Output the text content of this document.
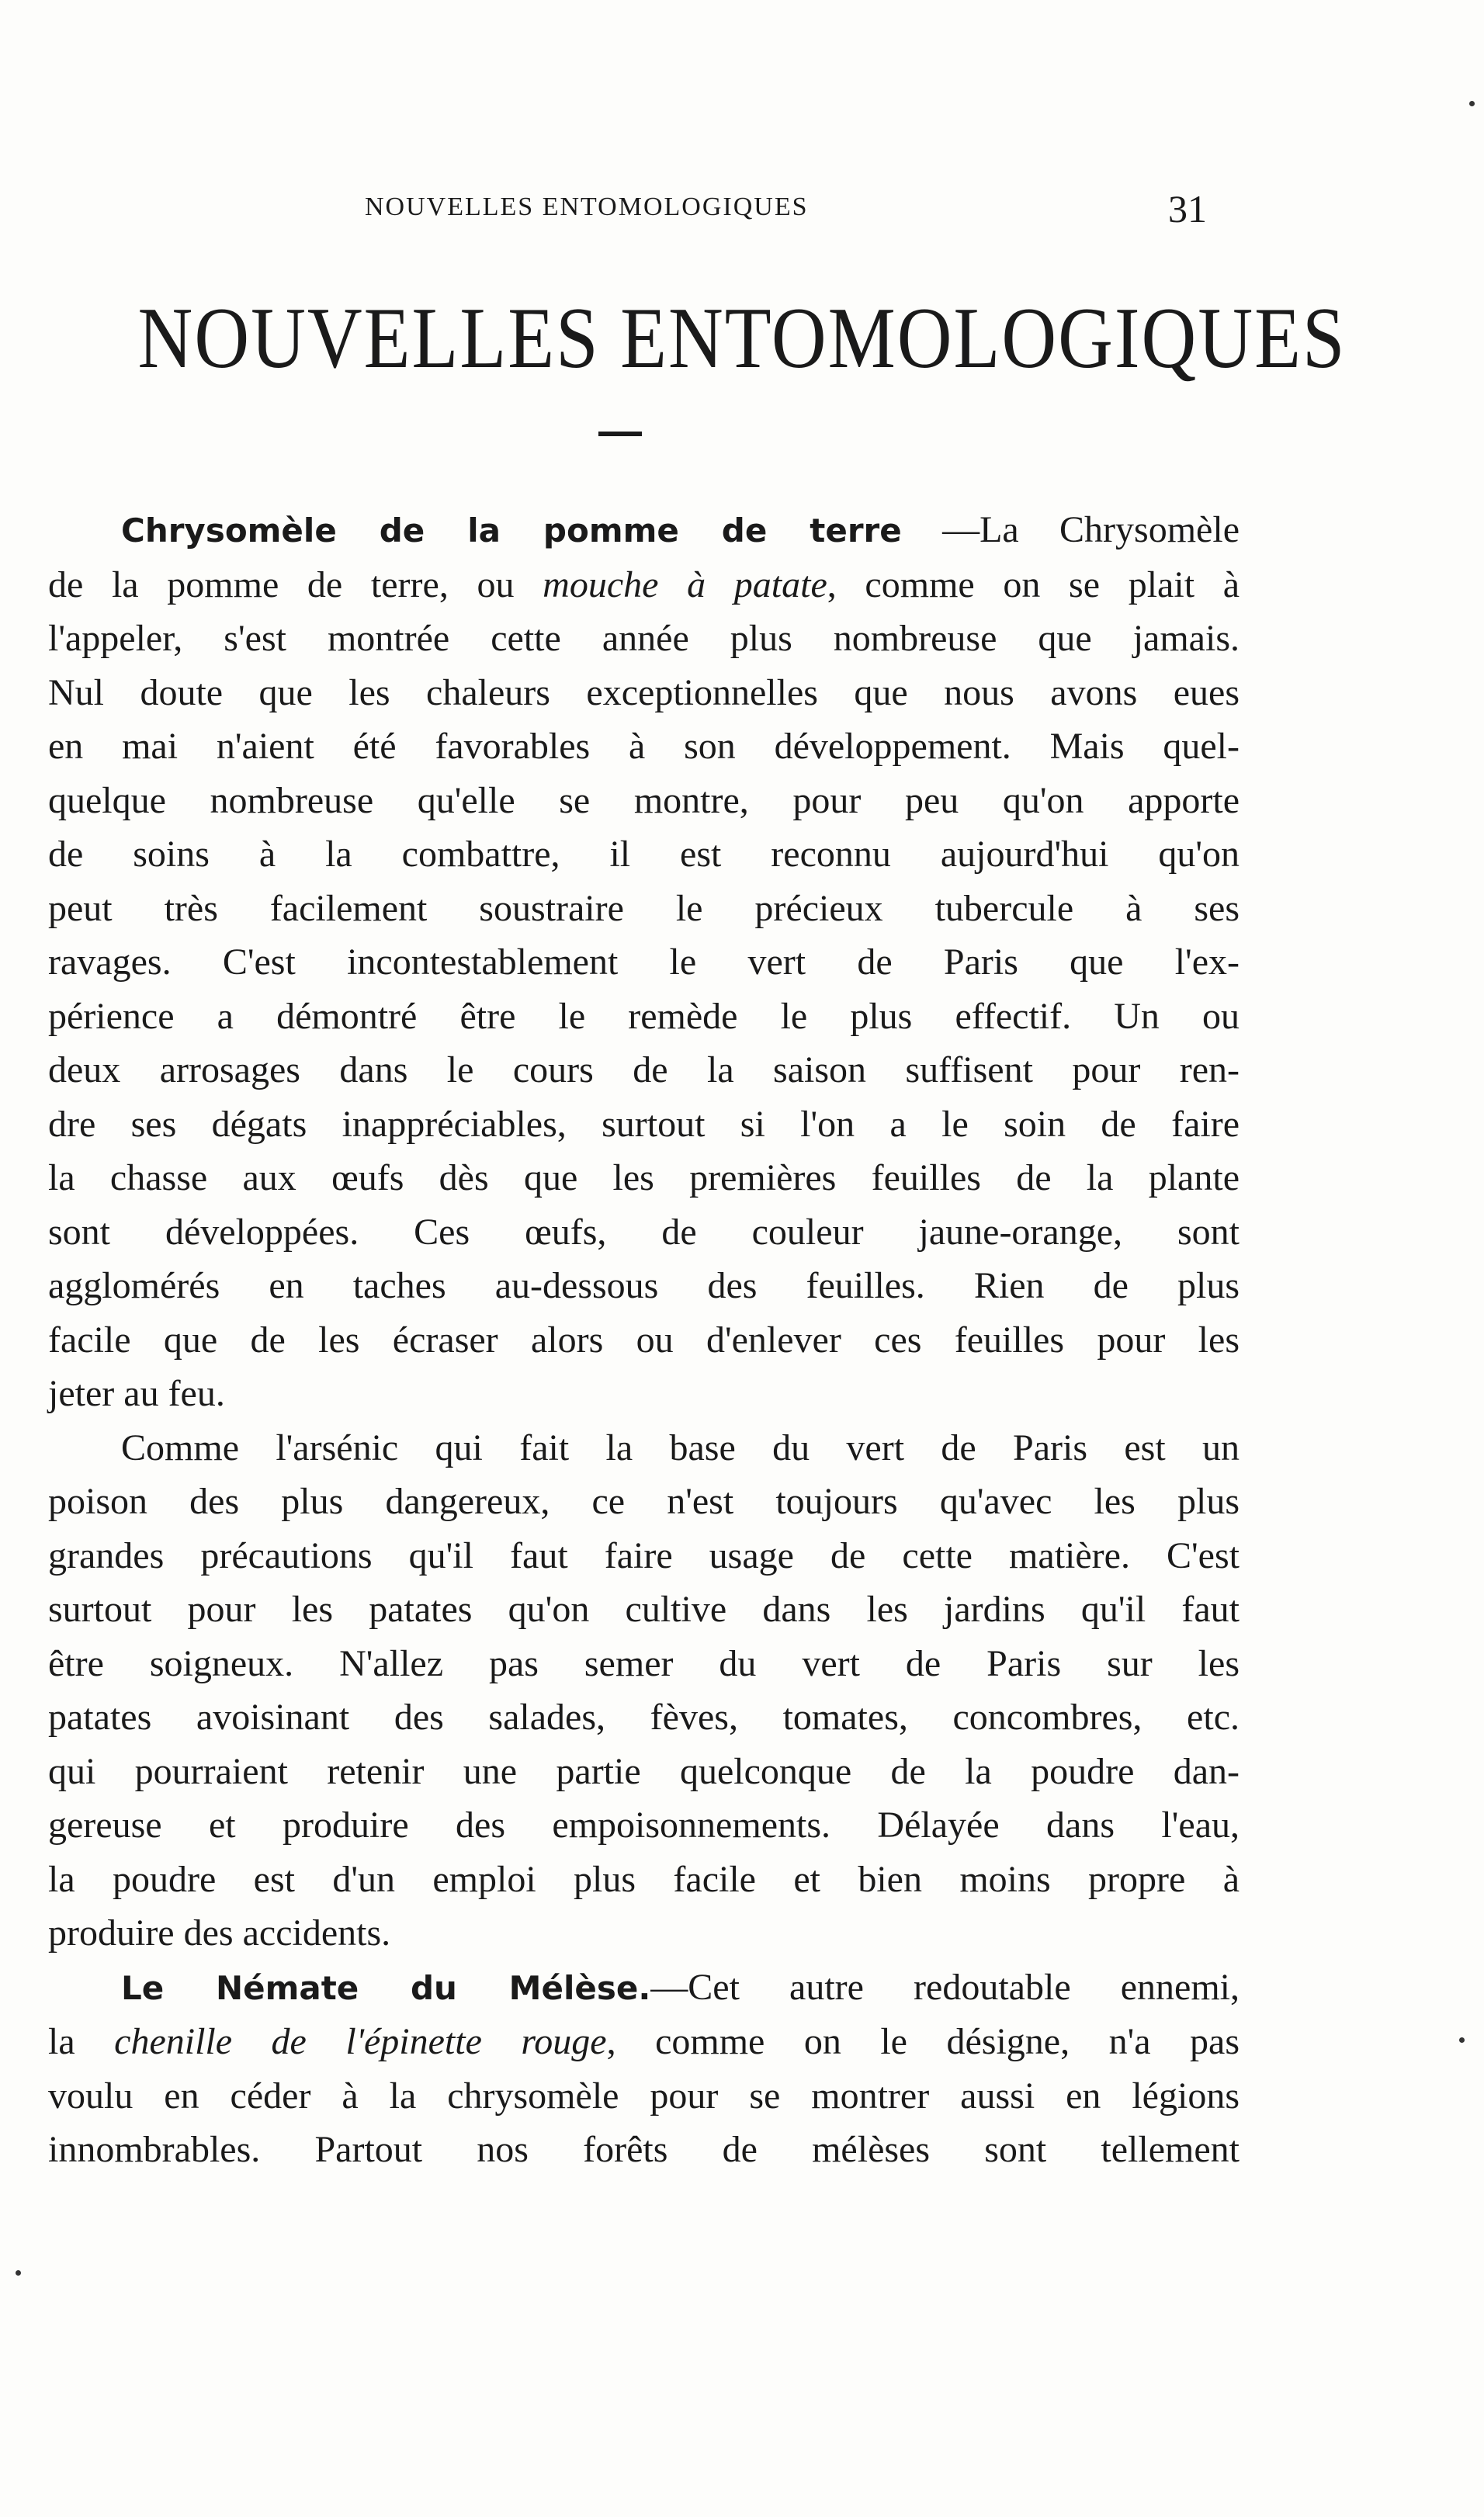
NOUVELLES ENTOMOLOGIQUES	31
NOUVELLES ENTOMOLOGIQUES

Chrysomèle de la pomme de terre —La Chrysomèle
de la pomme de terre, ou mouche à patate, comme on se plait à
l'appeler, s'est montrée cette année plus nombreuse que jamais.
Nul doute que les chaleurs exceptionnelles que nous avons eues
en mai n'aient été favorables à son développement. Mais quel-
quelque nombreuse qu'elle se montre, pour peu qu'on apporte
de soins à la combattre, il est reconnu aujourd'hui qu'on
peut très facilement soustraire le précieux tubercule à ses
ravages. C'est incontestablement le vert de Paris que l'ex-
périence a démontré être le remède le plus effectif. Un ou
deux arrosages dans le cours de la saison suffisent pour ren-
dre ses dégats inappréciables, surtout si l'on a le soin de faire
la chasse aux œufs dès que les premières feuilles de la plante
sont développées. Ces œufs, de couleur jaune-orange, sont
agglomérés en taches au-dessous des feuilles. Rien de plus
facile que de les écraser alors ou d'enlever ces feuilles pour les
jeter au feu.

Comme l'arsénic qui fait la base du vert de Paris est un
poison des plus dangereux, ce n'est toujours qu'avec les plus
grandes précautions qu'il faut faire usage de cette matière. C'est
surtout pour les patates qu'on cultive dans les jardins qu'il faut
être soigneux. N'allez pas semer du vert de Paris sur les
patates avoisinant des salades, fèves, tomates, concombres, etc.
qui pourraient retenir une partie quelconque de la poudre dan-
gereuse et produire des empoisonnements. Délayée dans l'eau,
la poudre est d'un emploi plus facile et bien moins propre à
produire des accidents.

Le Némate du Mélèse.—Cet autre redoutable ennemi,
la chenille de l'épinette rouge, comme on le désigne, n'a pas
voulu en céder à la chrysomèle pour se montrer aussi en légions
innombrables. Partout nos forêts de mélèses sont tellement
